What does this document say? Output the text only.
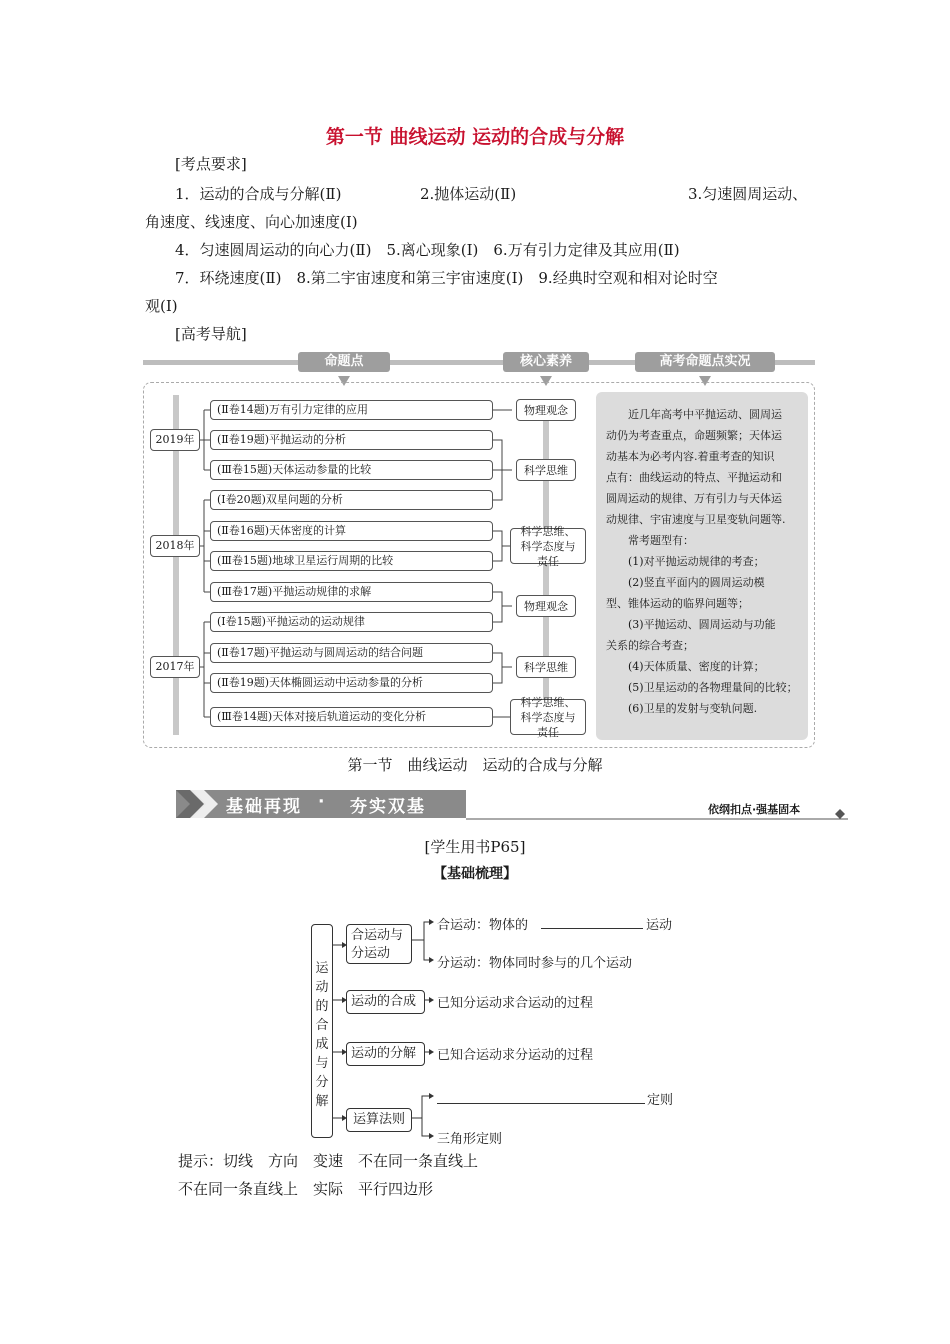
第一节 曲线运动 运动的合成与分解
[考点要求]
1．运动的合成与分解(Ⅱ)	2.抛体运动(Ⅱ)	3.匀速圆周运动、
角速度、线速度、向心加速度(Ⅰ)
4．匀速圆周运动的向心力(Ⅱ)　5.离心现象(Ⅰ)　6.万有引力定律及其应用(Ⅱ)
7．环绕速度(Ⅱ)　8.第二宇宙速度和第三宇宙速度(Ⅰ)　9.经典时空观和相对论时空
观(Ⅰ)
[高考导航]
命题点	核心素养	高考命题点实况
2019年
2018年
2017年
(Ⅱ卷14题)万有引力定律的应用
(Ⅱ卷19题)平抛运动的分析
(Ⅲ卷15题)天体运动参量的比较
(Ⅰ卷20题)双星问题的分析
(Ⅱ卷16题)天体密度的计算
(Ⅲ卷15题)地球卫星运行周期的比较
(Ⅲ卷17题)平抛运动规律的求解
(Ⅰ卷15题)平抛运动的运动规律
(Ⅱ卷17题)平抛运动与圆周运动的结合问题
(Ⅱ卷19题)天体椭圆运动中运动参量的分析
(Ⅲ卷14题)天体对接后轨道运动的变化分析
物理观念
科学思维
科学思维、科学态度与责任
物理观念
科学思维
科学思维、科学态度与责任

近几年高考中平抛运动、圆周运

动仍为考查重点，命题频繁；天体运

动基本为必考内容.着重考查的知识

点有：曲线运动的特点、平抛运动和

圆周运动的规律、万有引力与天体运

动规律、宇宙速度与卫星变轨问题等.

常考题型有：

(1)对平抛运动规律的考查；

(2)竖直平面内的圆周运动模

型、锥体运动的临界问题等；

(3)平抛运动、圆周运动与功能

关系的综合考查；

(4)天体质量、密度的计算；

(5)卫星运动的各物理量间的比较；

(6)卫星的发射与变轨问题.

第一节　曲线运动　运动的合成与分解
基础再现 · 夯实双基	依纲扣点·强基固本
[学生用书P65]
【基础梳理】
运动的合成与分解
合运动与分运动
运动的合成
运动的分解
运算法则
合运动：物体的	运动
分运动：物体同时参与的几个运动
已知分运动求合运动的过程
已知合运动求分运动的过程
定则
三角形定则
提示：切线　方向　变速　不在同一条直线上
不在同一条直线上　实际　平行四边形
